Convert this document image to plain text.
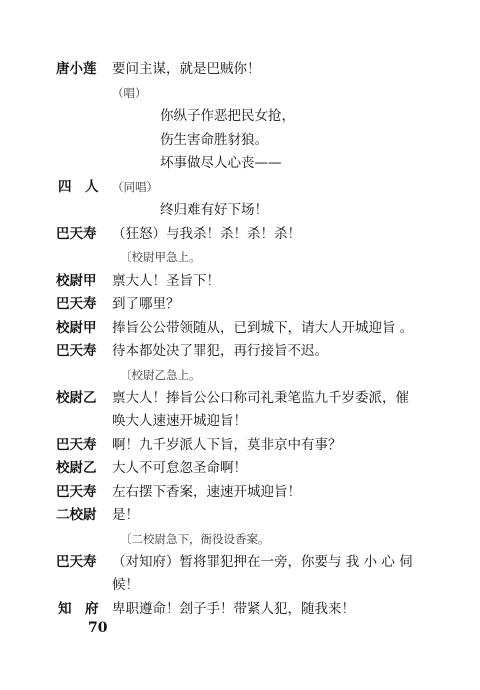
唐小莲 要问主谋，就是巴贼你！
（唱）
你纵子作恶把民女抢，
伤生害命胜豺狼。
坏事做尽人心丧——
四　人 （同唱）
终归难有好下场！
巴天寿 （狂怒）与我杀！杀！杀！杀！
〔校尉甲急上。
校尉甲 禀大人！圣旨下！
巴天寿 到了哪里？
校尉甲 捧旨公公带领随从，已到城下，请大人开城迎旨 。
巴天寿 待本都处决了罪犯，再行接旨不迟。
〔校尉乙急上。
校尉乙 禀大人！捧旨公公口称司礼秉笔监九千岁委派，催
唤大人速速开城迎旨！
巴天寿 啊！九千岁派人下旨，莫非京中有事？
校尉乙 大人不可怠忽圣命啊！
巴天寿 左右摆下香案，速速开城迎旨！
二校尉 是！
〔二校尉急下，衙役设香案。
巴天寿 （对知府）暂将罪犯押在一旁，你要与 我 小 心 伺
候！
知　府 卑职遵命！刽子手！带紧人犯，随我来！
70
